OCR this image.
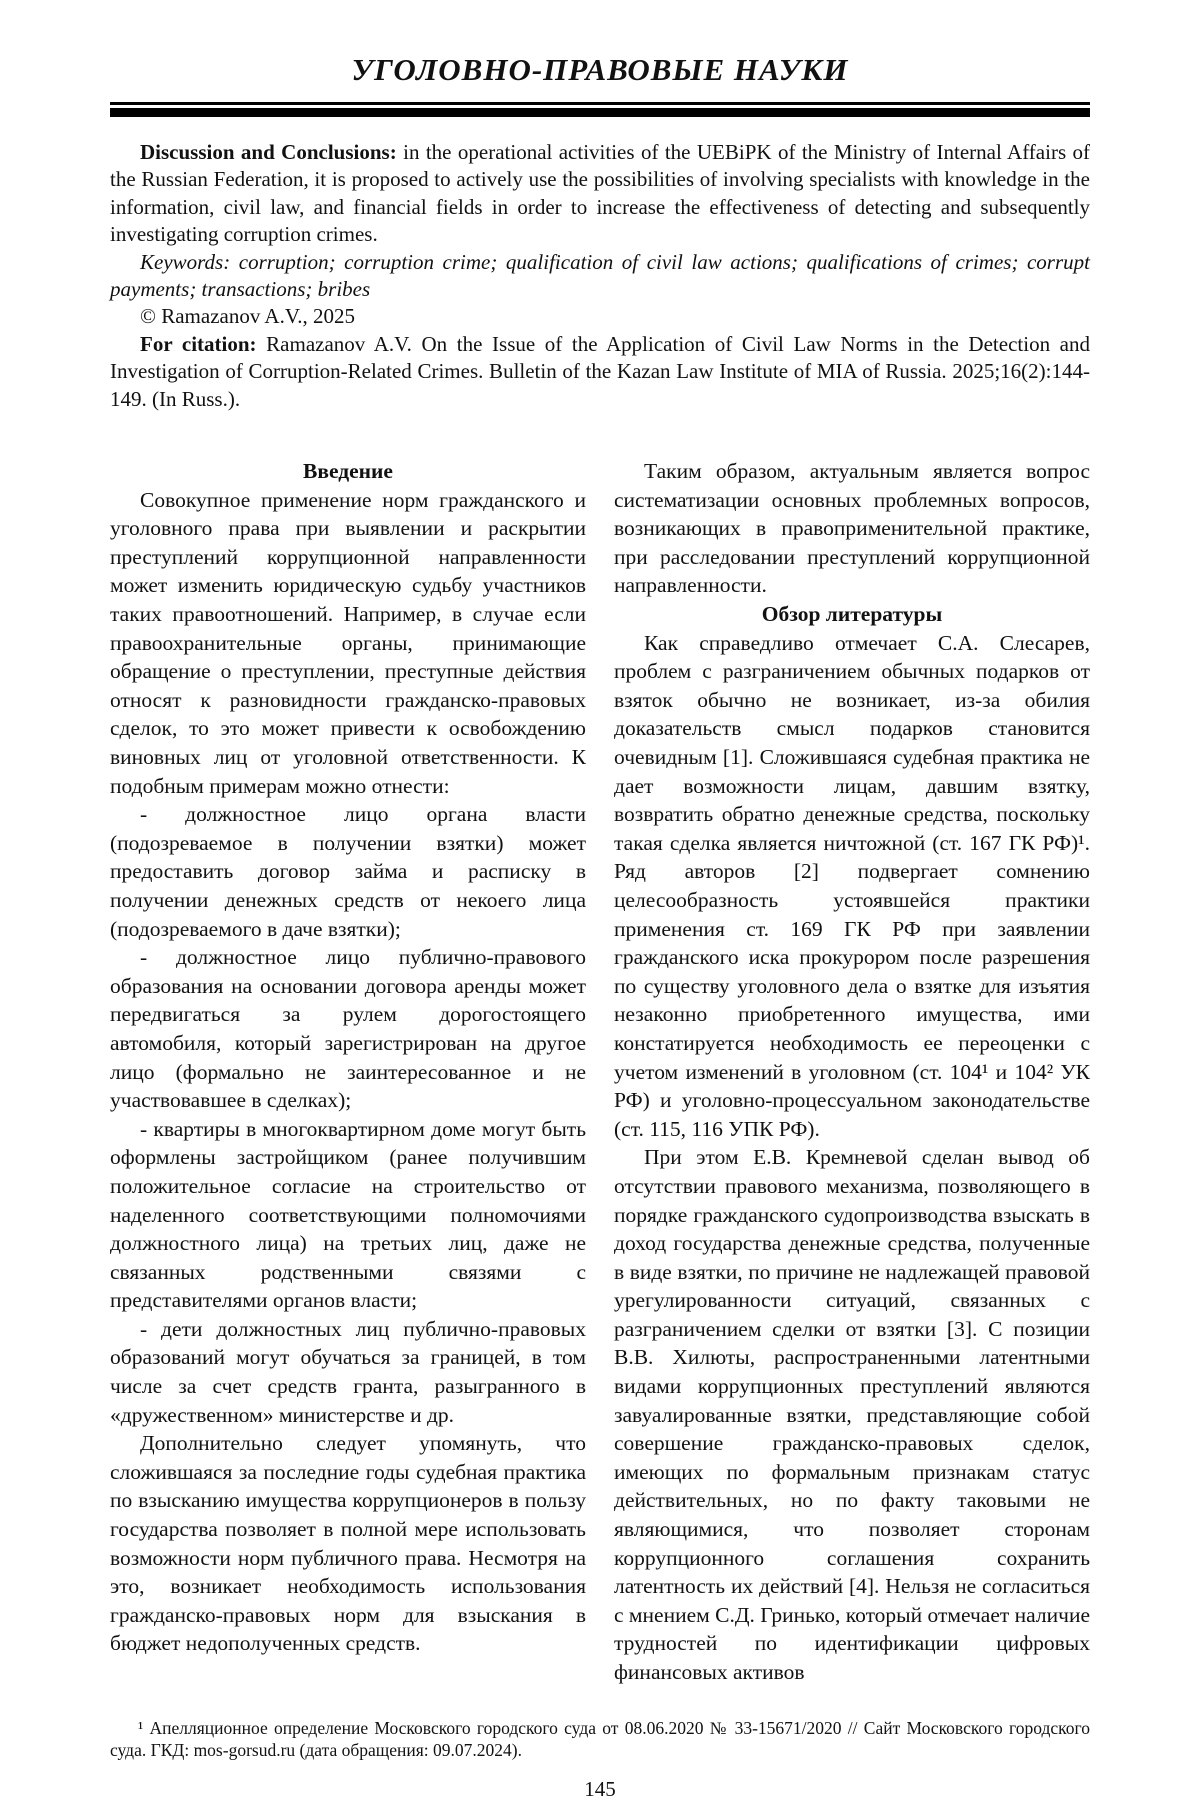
УГОЛОВНО-ПРАВОВЫЕ НАУКИ

Discussion and Conclusions: in the operational activities of the UEBiPK of the Ministry of Internal Affairs of the Russian Federation, it is proposed to actively use the possibilities of involving specialists with knowledge in the information, civil law, and financial fields in order to increase the effectiveness of detecting and subsequently investigating corruption crimes.

Keywords: corruption; corruption crime; qualification of civil law actions; qualifications of crimes; corrupt payments; transactions; bribes

© Ramazanov A.V., 2025

For citation: Ramazanov A.V. On the Issue of the Application of Civil Law Norms in the Detection and Investigation of Corruption-Related Crimes. Bulletin of the Kazan Law Institute of MIA of Russia. 2025;16(2):144-149. (In Russ.).

Введение

Совокупное применение норм гражданского и уголовного права при выявлении и раскрытии преступлений коррупционной направленности может изменить юридическую судьбу участников таких правоотношений. Например, в случае если правоохранительные органы, принимающие обращение о преступлении, преступные действия относят к разновидности гражданско-правовых сделок, то это может привести к освобождению виновных лиц от уголовной ответственности. К подобным примерам можно отнести:

- должностное лицо органа власти (подозреваемое в получении взятки) может предоставить договор займа и расписку в получении денежных средств от некоего лица (подозреваемого в даче взятки);

- должностное лицо публично-правового образования на основании договора аренды может передвигаться за рулем дорогостоящего автомобиля, который зарегистрирован на другое лицо (формально не заинтересованное и не участвовавшее в сделках);

- квартиры в многоквартирном доме могут быть оформлены застройщиком (ранее получившим положительное согласие на строительство от наделенного соответствующими полномочиями должностного лица) на третьих лиц, даже не связанных родственными связями с представителями органов власти;

- дети должностных лиц публично-правовых образований могут обучаться за границей, в том числе за счет средств гранта, разыгранного в «дружественном» министерстве и др.

Дополнительно следует упомянуть, что сложившаяся за последние годы судебная практика по взысканию имущества коррупционеров в пользу государства позволяет в полной мере использовать возможности норм публичного права. Несмотря на это, возникает необходимость использования гражданско-правовых норм для взыскания в бюджет недополученных средств.

Таким образом, актуальным является вопрос систематизации основных проблемных вопросов, возникающих в правоприменительной практике, при расследовании преступлений коррупционной направленности.

Обзор литературы

Как справедливо отмечает С.А. Слесарев, проблем с разграничением обычных подарков от взяток обычно не возникает, из-за обилия доказательств смысл подарков становится очевидным [1]. Сложившаяся судебная практика не дает возможности лицам, давшим взятку, возвратить обратно денежные средства, поскольку такая сделка является ничтожной (ст. 167 ГК РФ)¹. Ряд авторов [2] подвергает сомнению целесообразность устоявшейся практики применения ст. 169 ГК РФ при заявлении гражданского иска прокурором после разрешения по существу уголовного дела о взятке для изъятия незаконно приобретенного имущества, ими констатируется необходимость ее переоценки с учетом изменений в уголовном (ст. 104¹ и 104² УК РФ) и уголовно-процессуальном законодательстве (ст. 115, 116 УПК РФ).

При этом Е.В. Кремневой сделан вывод об отсутствии правового механизма, позволяющего в порядке гражданского судопроизводства взыскать в доход государства денежные средства, полученные в виде взятки, по причине не надлежащей правовой урегулированности ситуаций, связанных с разграничением сделки от взятки [3]. С позиции В.В. Хилюты, распространенными латентными видами коррупционных преступлений являются завуалированные взятки, представляющие собой совершение гражданско-правовых сделок, имеющих по формальным признакам статус действительных, но по факту таковыми не являющимися, что позволяет сторонам коррупционного соглашения сохранить латентность их действий [4]. Нельзя не согласиться с мнением С.Д. Гринько, который отмечает наличие трудностей по идентификации цифровых финансовых активов

¹ Апелляционное определение Московского городского суда от 08.06.2020 № 33-15671/2020 // Сайт Московского городского суда. ГКД: mos-gorsud.ru (дата обращения: 09.07.2024).

145
